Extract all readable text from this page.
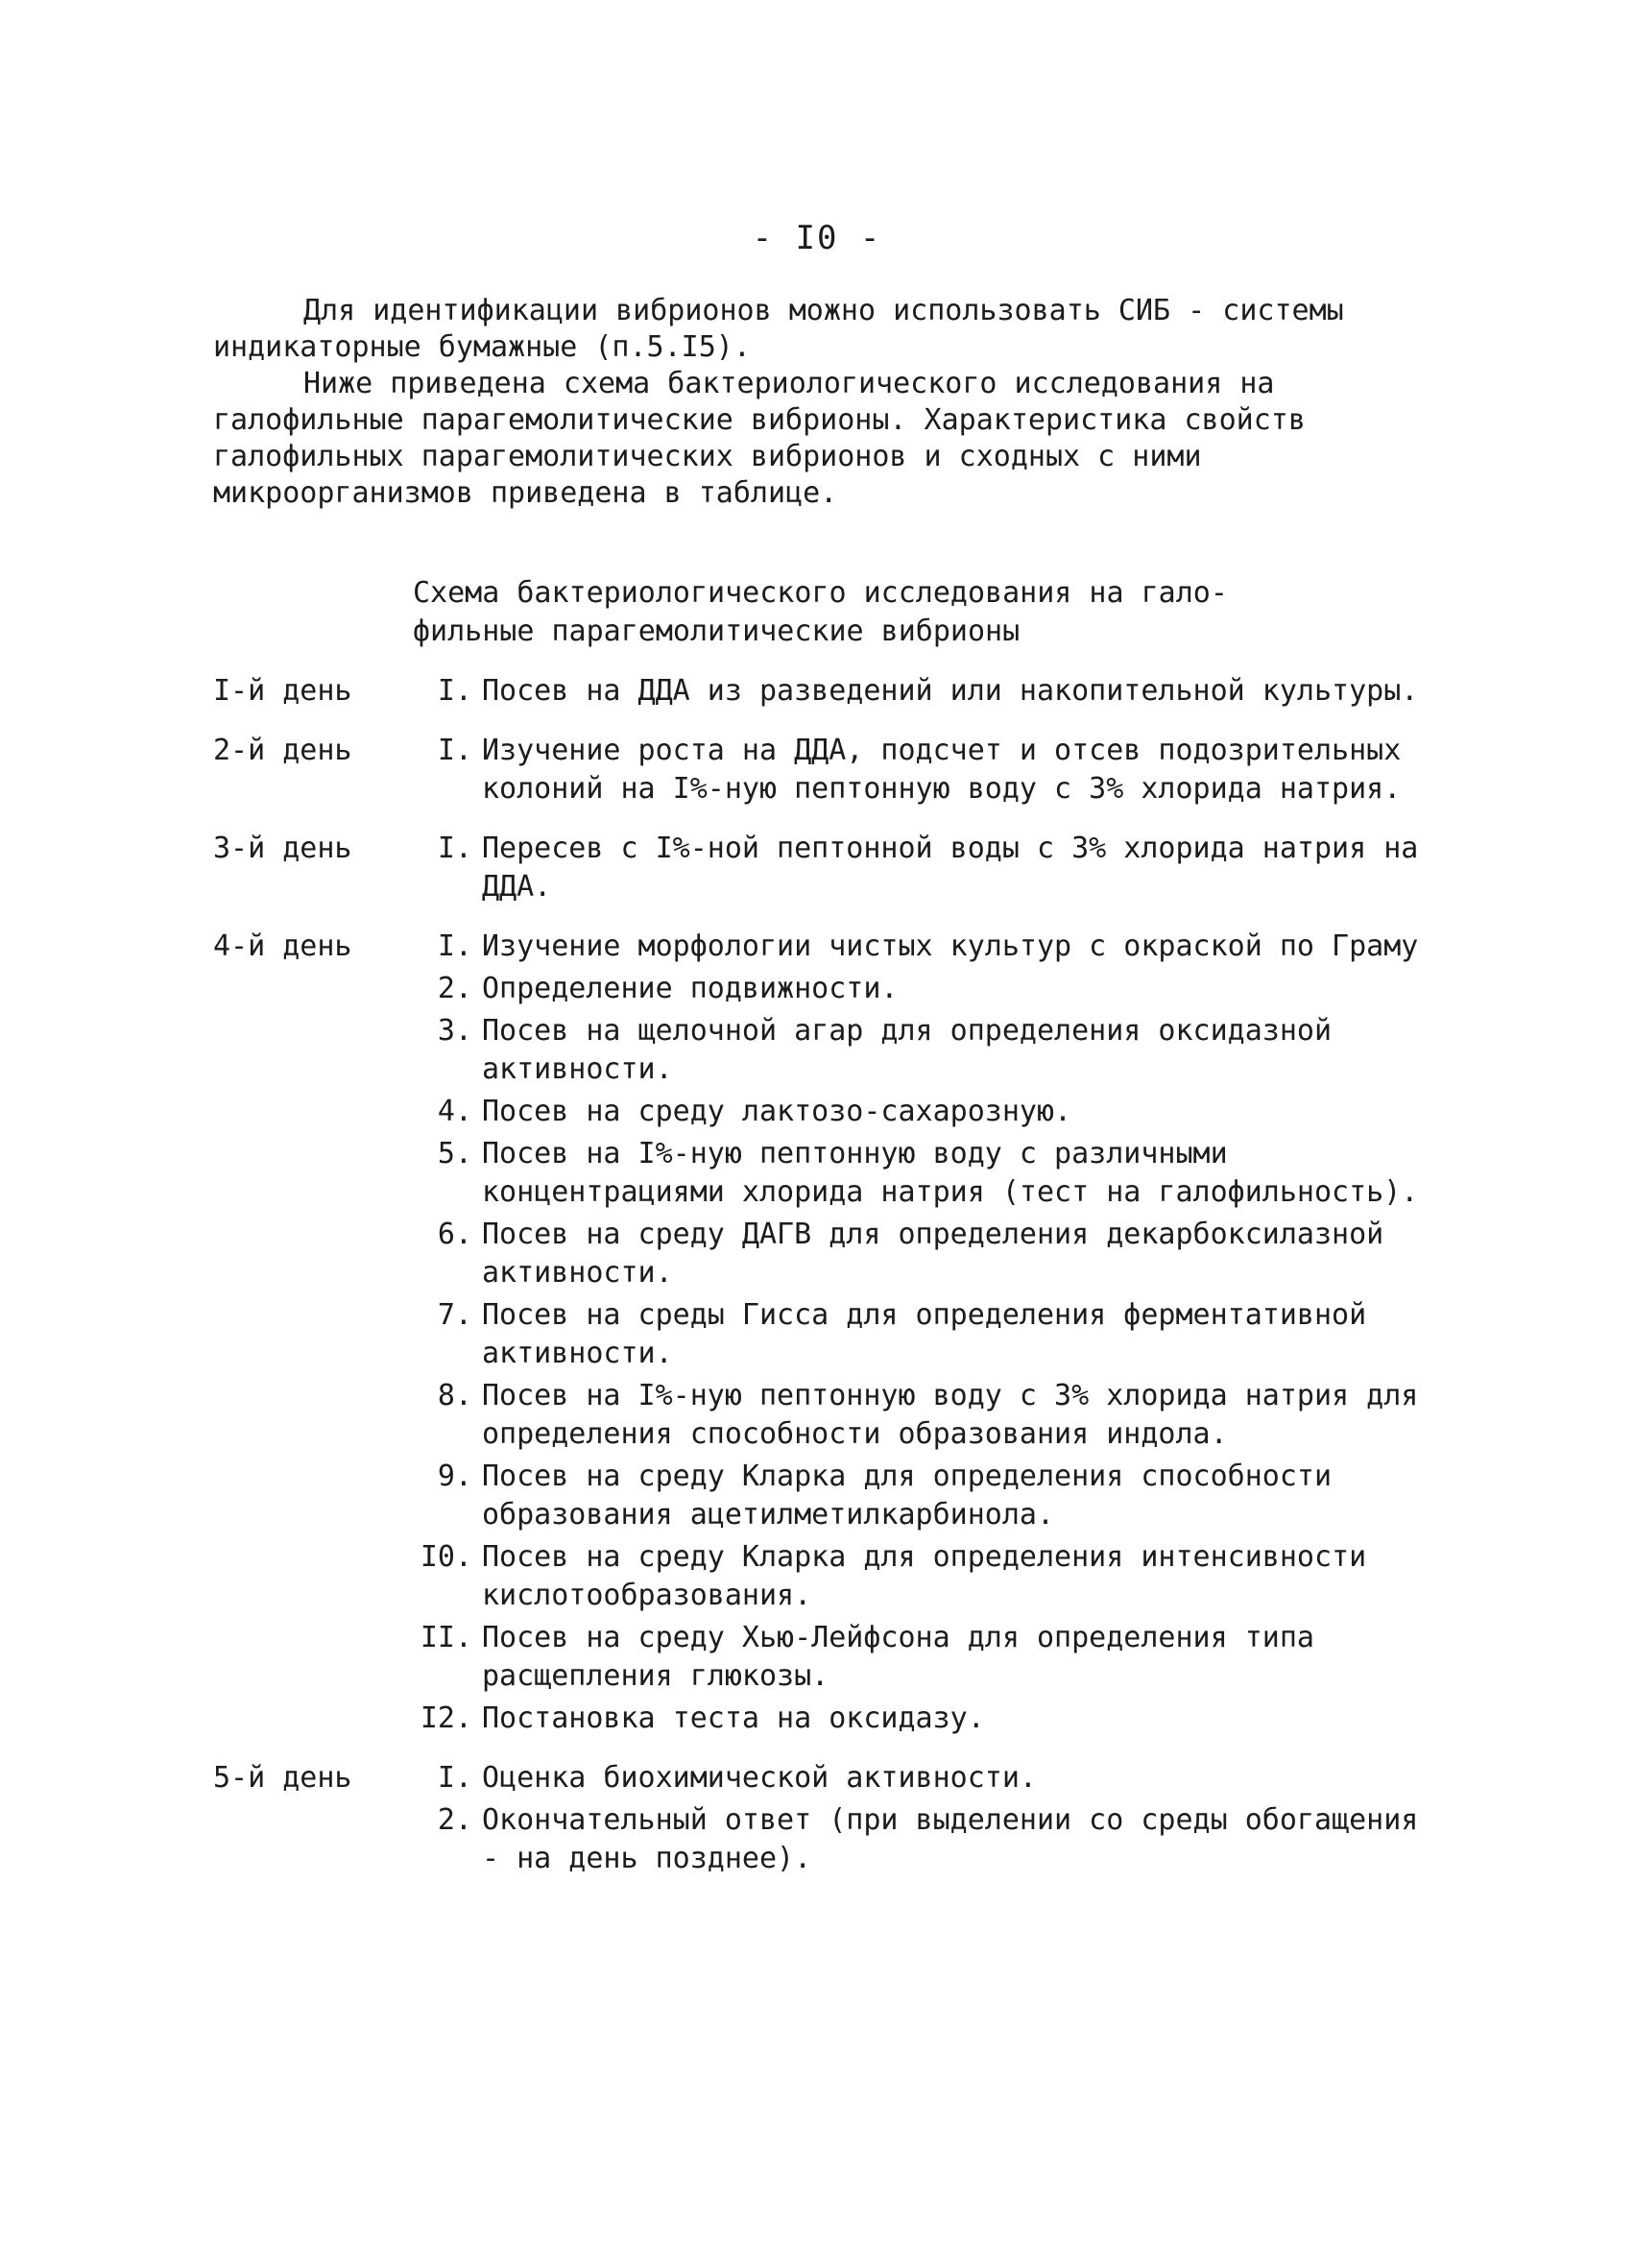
- I0 -

Для идентификации вибрионов можно использовать СИБ - системы индикаторные бумажные (п.5.I5).

Ниже приведена схема бактериологического исследования на галофильные парагемолитические вибрионы. Характеристика свойств галофильных парагемолитических вибрионов и сходных с ними микроорганизмов приведена в таблице.

Схема бактериологического исследования на гало-
фильные парагемолитические вибрионы
I-й день	I. Посев на ДДА из разведений или накопительной культуры.
2-й день	I. Изучение роста на ДДА, подсчет и отсев подозрительных колоний на I%-ную пептонную воду с 3% хлорида натрия.
3-й день	I. Пересев с I%-ной пептонной воды с 3% хлорида натрия на ДДА.
4-й день	I. Изучение морфологии чистых культур с окраской по Граму
2. Определение подвижности.
3. Посев на щелочной агар для определения оксидазной активности.
4. Посев на среду лактозо-сахарозную.
5. Посев на I%-ную пептонную воду с различными концентрациями хлорида натрия (тест на галофильность).
6. Посев на среду ДАГВ для определения декарбоксилазной активности.
7. Посев на среды Гисса для определения ферментативной активности.
8. Посев на I%-ную пептонную воду с 3% хлорида натрия для определения способности образования индола.
9. Посев на среду Кларка для определения способности образования ацетилметилкарбинола.
I0. Посев на среду Кларка для определения интенсивности кислотообразования.
II. Посев на среду Хью-Лейфсона для определения типа расщепления глюкозы.
I2. Постановка теста на оксидазу.
5-й день	I. Оценка биохимической активности.
2. Окончательный ответ (при выделении со среды обогащения - на день позднее).
